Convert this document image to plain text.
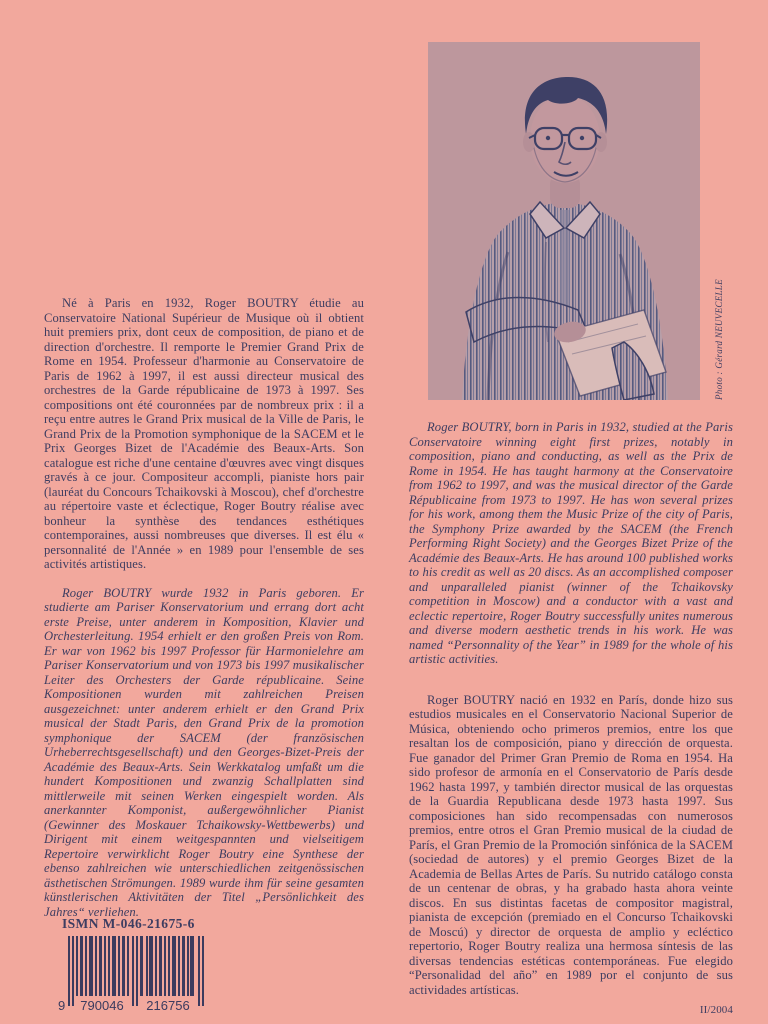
Photo : Gérard NEUVECELLE

Né à Paris en 1932, Roger BOUTRY étudie au Conservatoire National Supérieur de Musique où il obtient huit premiers prix, dont ceux de composition, de piano et de direction d'orchestre. Il remporte le Premier Grand Prix de Rome en 1954. Professeur d'harmonie au Conservatoire de Paris de 1962 à 1997, il est aussi directeur musical des orchestres de la Garde républicaine de 1973 à 1997. Ses compositions ont été couronnées par de nombreux prix : il a reçu entre autres le Grand Prix musical de la Ville de Paris, le Grand Prix de la Promotion symphonique de la SACEM et le Prix Georges Bizet de l'Académie des Beaux-Arts. Son catalogue est riche d'une centaine d'œuvres avec vingt disques gravés à ce jour. Compositeur accompli, pianiste hors pair (lauréat du Concours Tchaikovski à Moscou), chef d'orchestre au répertoire vaste et éclectique, Roger Boutry réalise avec bonheur la synthèse des tendances esthétiques contemporaines, aussi nombreuses que diverses. Il est élu « personnalité de l'Année » en 1989 pour l'ensemble de ses activités artistiques.

Roger BOUTRY wurde 1932 in Paris geboren. Er studierte am Pariser Konservatorium und errang dort acht erste Preise, unter anderem in Komposition, Klavier und Orchesterleitung. 1954 erhielt er den großen Preis von Rom. Er war von 1962 bis 1997 Professor für Harmonielehre am Pariser Konservatorium und von 1973 bis 1997 musikalischer Leiter des Orchesters der Garde républicaine. Seine Kompositionen wurden mit zahlreichen Preisen ausgezeichnet: unter anderem erhielt er den Grand Prix musical der Stadt Paris, den Grand Prix de la promotion symphonique der SACEM (der französischen Urheberrechtsgesellschaft) und den Georges-Bizet-Preis der Académie des Beaux-Arts. Sein Werkkatalog umfaßt um die hundert Kompositionen und zwanzig Schallplatten sind mittlerweile mit seinen Werken eingespielt worden. Als anerkannter Komponist, außergewöhnlicher Pianist (Gewinner des Moskauer Tchaikowsky-Wettbewerbs) und Dirigent mit einem weitgespannten und vielseitigem Repertoire verwirklicht Roger Boutry eine Synthese der ebenso zahlreichen wie unterschiedlichen zeitgenössischen ästhetischen Strömungen. 1989 wurde ihm für seine gesamten künstlerischen Aktivitäten der Titel „Persönlichkeit des Jahres“ verliehen.

Roger BOUTRY, born in Paris in 1932, studied at the Paris Conservatoire winning eight first prizes, notably in composition, piano and conducting, as well as the Prix de Rome in 1954. He has taught harmony at the Conservatoire from 1962 to 1997, and was the musical director of the Garde Républicaine from 1973 to 1997. He has won several prizes for his work, among them the Music Prize of the city of Paris, the Symphony Prize awarded by the SACEM (the French Performing Right Society) and the Georges Bizet Prize of the Académie des Beaux-Arts. He has around 100 published works to his credit as well as 20 discs. As an accomplished composer and unparalleled pianist (winner of the Tchaikovsky competition in Moscow) and a conductor with a vast and eclectic repertoire, Roger Boutry successfully unites numerous and diverse modern aesthetic trends in his work. He was named “Personnality of the Year” in 1989 for the whole of his artistic activities.

Roger BOUTRY nació en 1932 en París, donde hizo sus estudios musicales en el Conservatorio Nacional Superior de Música, obteniendo ocho primeros premios, entre los que resaltan los de composición, piano y dirección de orquesta. Fue ganador del Primer Gran Premio de Roma en 1954. Ha sido profesor de armonía en el Conservatorio de París desde 1962 hasta 1997, y también director musical de las orquestas de la Guardia Republicana desde 1973 hasta 1997. Sus composiciones han sido recompensadas con numerosos premios, entre otros el Gran Premio musical de la ciudad de París, el Gran Premio de la Promoción sinfónica de la SACEM (sociedad de autores) y el premio Georges Bizet de la Academia de Bellas Artes de París. Su nutrido catálogo consta de un centenar de obras, y ha grabado hasta ahora veinte discos. En sus distintas facetas de compositor magistral, pianista de excepción (premiado en el Concurso Tchaikovski de Moscú) y director de orquesta de amplio y ecléctico repertorio, Roger Boutry realiza una hermosa síntesis de las diversas tendencias estéticas contemporáneas. Fue elegido “Personalidad del año” en 1989 por el conjunto de sus actividades artísticas.

II/2004
ISMN M-046-21675-6
9 790046 216756
